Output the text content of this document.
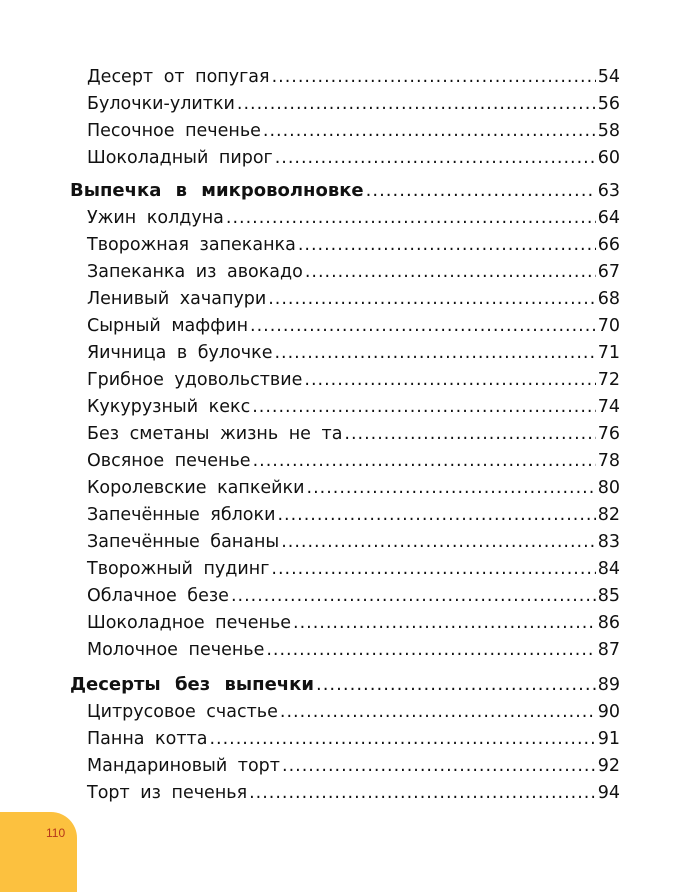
Десерт от попугая .....	54
Булочки-улитки .....	56
Песочное печенье .....	58
Шоколадный пирог .....	60
Выпечка в микроволновке .....	63
Ужин колдуна .....	64
Творожная запеканка .....	66
Запеканка из авокадо .....	67
Ленивый хачапури .....	68
Сырный маффин .....	70
Яичница в булочке .....	71
Грибное удовольствие .....	72
Кукурузный кекс .....	74
Без сметаны жизнь не та .....	76
Овсяное печенье .....	78
Королевские капкейки .....	80
Запечённые яблоки .....	82
Запечённые бананы .....	83
Творожный пудинг .....	84
Облачное безе .....	85
Шоколадное печенье .....	86
Молочное печенье .....	87
Десерты без выпечки .....	89
Цитрусовое счастье .....	90
Панна котта .....	91
Мандариновый торт .....	92
Торт из печенья .....	94
110
